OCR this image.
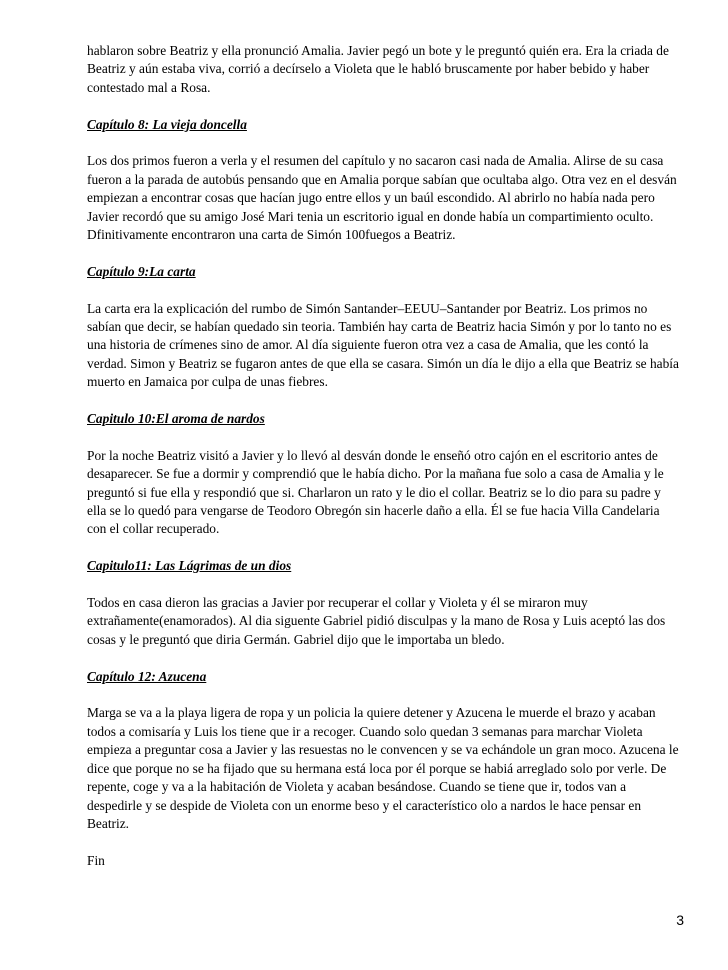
hablaron sobre Beatriz y ella pronunció Amalia. Javier pegó un bote y le preguntó quién era. Era la criada de
Beatriz y aún estaba viva, corrió a decírselo a Violeta que le habló bruscamente por haber bebido y haber
contestado mal a Rosa.

Capítulo 8: La vieja doncella

Los dos primos fueron a verla y el resumen del capítulo y no sacaron casi nada de Amalia. Alirse de su casa
fueron a la parada de autobús pensando que en Amalia porque sabían que ocultaba algo. Otra vez en el desván
empiezan a encontrar cosas que hacían jugo entre ellos y un baúl escondido. Al abrirlo no había nada pero
Javier recordó que su amigo José Mari tenia un escritorio igual en donde había un compartimiento oculto.
Dfinitivamente encontraron una carta de Simón 100fuegos a Beatriz.

Capítulo 9:La carta

La carta era la explicación del rumbo de Simón Santander–EEUU–Santander por Beatriz. Los primos no
sabían que decir, se habían quedado sin teoria. También hay carta de Beatriz hacia Simón y por lo tanto no es
una historia de crímenes sino de amor. Al día siguiente fueron otra vez a casa de Amalia, que les contó la
verdad. Simon y Beatriz se fugaron antes de que ella se casara. Simón un día le dijo a ella que Beatriz se había
muerto en Jamaica por culpa de unas fiebres.

Capitulo 10:El aroma de nardos

Por la noche Beatriz visitó a Javier y lo llevó al desván donde le enseñó otro cajón en el escritorio antes de
desaparecer. Se fue a dormir y comprendió que le había dicho. Por la mañana fue solo a casa de Amalia y le
preguntó si fue ella y respondió que si. Charlaron un rato y le dio el collar. Beatriz se lo dio para su padre y
ella se lo quedó para vengarse de Teodoro Obregón sin hacerle daño a ella. Él se fue hacia Villa Candelaria
con el collar recuperado.

Capitulo11: Las Lágrimas de un dios

Todos en casa dieron las gracias a Javier por recuperar el collar y Violeta y él se miraron muy
extrañamente(enamorados). Al dia siguente Gabriel pidió disculpas y la mano de Rosa y Luis aceptó las dos
cosas y le preguntó que diria Germán. Gabriel dijo que le importaba un bledo.

Capítulo 12: Azucena

Marga se va a la playa ligera de ropa y un policia la quiere detener y Azucena le muerde el brazo y acaban
todos a comisaría y Luis los tiene que ir a recoger. Cuando solo quedan 3 semanas para marchar Violeta
empieza a preguntar cosa a Javier y las resuestas no le convencen y se va echándole un gran moco. Azucena le
dice que porque no se ha fijado que su hermana está loca por él porque se habiá arreglado solo por verle. De
repente, coge y va a la habitación de Violeta y acaban besándose. Cuando se tiene que ir, todos van a
despedirle y se despide de Violeta con un enorme beso y el característico olo a nardos le hace pensar en
Beatriz.

Fin

3
